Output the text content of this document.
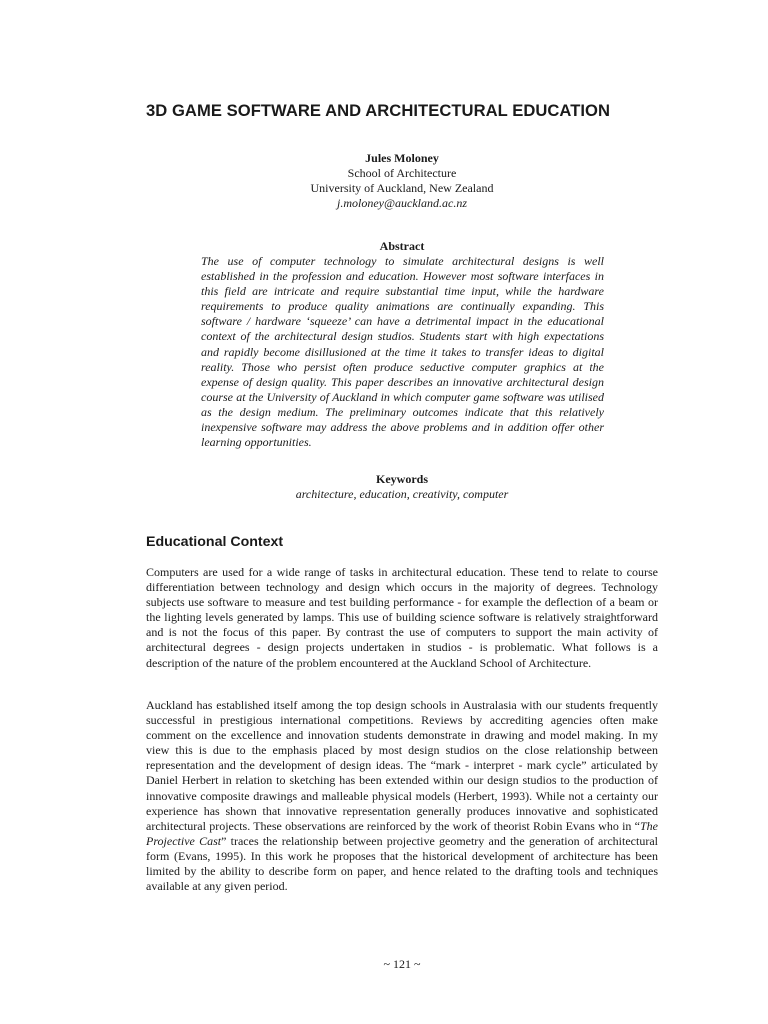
3D GAME SOFTWARE AND ARCHITECTURAL EDUCATION
Jules Moloney
School of Architecture
University of Auckland, New Zealand
j.moloney@auckland.ac.nz
Abstract

The use of computer technology to simulate architectural designs is well established in the profession and education. However most software interfaces in this field are intricate and require substantial time input, while the hardware requirements to produce quality animations are continually expanding. This software / hardware ‘squeeze’ can have a detrimental impact in the educational context of the architectural design studios. Students start with high expectations and rapidly become disillusioned at the time it takes to transfer ideas to digital reality. Those who persist often produce seductive computer graphics at the expense of design quality. This paper describes an innovative architectural design course at the University of Auckland in which computer game software was utilised as the design medium. The preliminary outcomes indicate that this relatively inexpensive software may address the above problems and in addition offer other learning opportunities.

Keywords
architecture, education, creativity, computer
Educational Context

Computers are used for a wide range of tasks in architectural education. These tend to relate to course differentiation between technology and design which occurs in the majority of degrees. Technology subjects use software to measure and test building performance - for example the deflection of a beam or the lighting levels generated by lamps. This use of building science software is relatively straightforward and is not the focus of this paper. By contrast the use of computers to support the main activity of architectural degrees - design projects undertaken in studios - is problematic. What follows is a description of the nature of the problem encountered at the Auckland School of Architecture.

Auckland has established itself among the top design schools in Australasia with our students frequently successful in prestigious international competitions. Reviews by accrediting agencies often make comment on the excellence and innovation students demonstrate in drawing and model making. In my view this is due to the emphasis placed by most design studios on the close relationship between representation and the development of design ideas. The “mark - interpret - mark cycle” articulated by Daniel Herbert in relation to sketching has been extended within our design studios to the production of innovative composite drawings and malleable physical models (Herbert, 1993). While not a certainty our experience has shown that innovative representation generally produces innovative and sophisticated architectural projects. These observations are reinforced by the work of theorist Robin Evans who in “The Projective Cast” traces the relationship between projective geometry and the generation of architectural form (Evans, 1995). In this work he proposes that the historical development of architecture has been limited by the ability to describe form on paper, and hence related to the drafting tools and techniques available at any given period.

~ 121 ~
